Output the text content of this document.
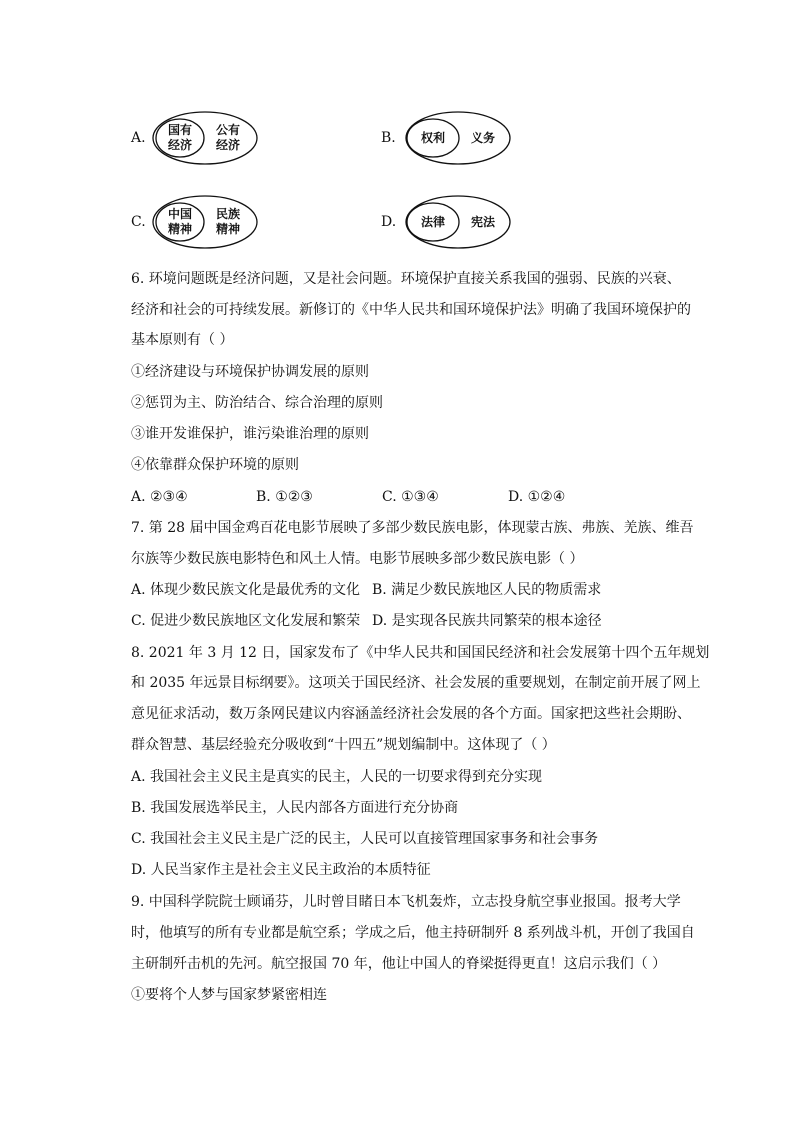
A. 国有
经济
公有
经济	B. 权利 义务
C. 中国
精神
民族
精神	D. 法律 宪法
6. 环境问题既是经济问题，又是社会问题。环境保护直接关系我国的强弱、民族的兴衰、
经济和社会的可持续发展。新修订的《中华人民共和国环境保护法》明确了我国环境保护的
基本原则有（ ）
①经济建设与环境保护协调发展的原则
②惩罚为主、防治结合、综合治理的原则
③谁开发谁保护，谁污染谁治理的原则
④依靠群众保护环境的原则
A. ②③④	B. ①②③	C. ①③④	D. ①②④
7. 第 28 届中国金鸡百花电影节展映了多部少数民族电影，体现蒙古族、弗族、羌族、维吾
尔族等少数民族电影特色和风土人情。电影节展映多部少数民族电影（ ）
A. 体现少数民族文化是最优秀的文化 B. 满足少数民族地区人民的物质需求
C. 促进少数民族地区文化发展和繁荣 D. 是实现各民族共同繁荣的根本途径
8. 2021 年 3 月 12 日，国家发布了《中华人民共和国国民经济和社会发展第十四个五年规划
和 2035 年远景目标纲要》。这项关于国民经济、社会发展的重要规划，在制定前开展了网上
意见征求活动，数万条网民建议内容涵盖经济社会发展的各个方面。国家把这些社会期盼、
群众智慧、基层经验充分吸收到“十四五”规划编制中。这体现了（ ）
A. 我国社会主义民主是真实的民主，人民的一切要求得到充分实现
B. 我国发展选举民主，人民内部各方面进行充分协商
C. 我国社会主义民主是广泛的民主，人民可以直接管理国家事务和社会事务
D. 人民当家作主是社会主义民主政治的本质特征
9. 中国科学院院士顾诵芬，儿时曾目睹日本飞机轰炸，立志投身航空事业报国。报考大学
时，他填写的所有专业都是航空系；学成之后，他主持研制歼 8 系列战斗机，开创了我国自
主研制歼击机的先河。航空报国 70 年，他让中国人的脊梁挺得更直！这启示我们（ ）
①要将个人梦与国家梦紧密相连
